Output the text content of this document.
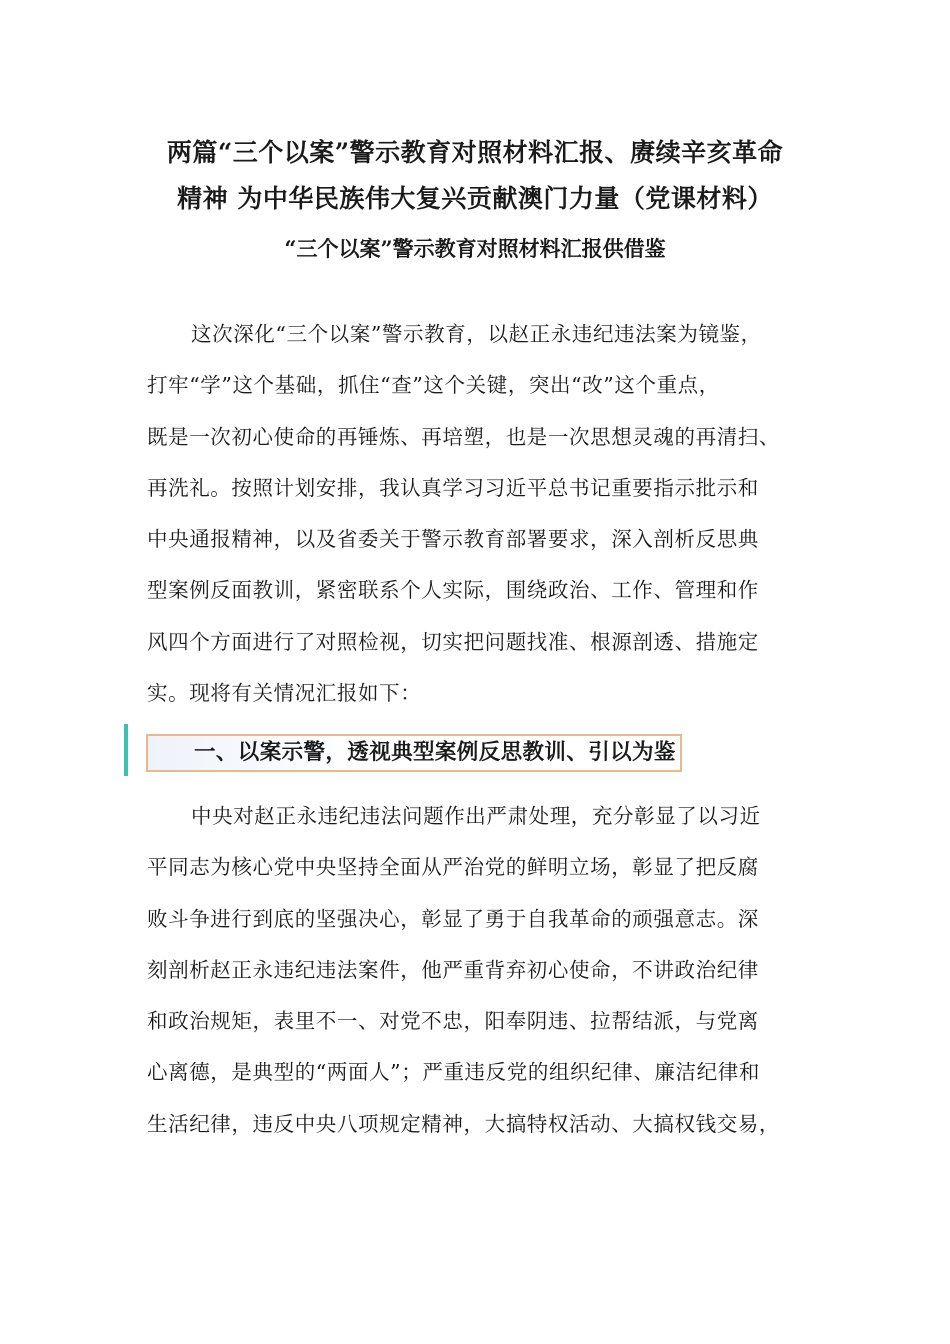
两篇“三个以案”警示教育对照材料汇报、赓续辛亥革命
精神 为中华民族伟大复兴贡献澳门力量（党课材料）
“三个以案”警示教育对照材料汇报供借鉴
这次深化“三个以案”警示教育，以赵正永违纪违法案为镜鉴，
打牢“学”这个基础，抓住“查”这个关键，突出“改”这个重点，
既是一次初心使命的再锤炼、再培塑，也是一次思想灵魂的再清扫、
再洗礼。按照计划安排，我认真学习习近平总书记重要指示批示和
中央通报精神，以及省委关于警示教育部署要求，深入剖析反思典
型案例反面教训，紧密联系个人实际，围绕政治、工作、管理和作
风四个方面进行了对照检视，切实把问题找准、根源剖透、措施定
实。现将有关情况汇报如下：
一、以案示警，透视典型案例反思教训、引以为鉴
中央对赵正永违纪违法问题作出严肃处理，充分彰显了以习近
平同志为核心党中央坚持全面从严治党的鲜明立场，彰显了把反腐
败斗争进行到底的坚强决心，彰显了勇于自我革命的顽强意志。深
刻剖析赵正永违纪违法案件，他严重背弃初心使命，不讲政治纪律
和政治规矩，表里不一、对党不忠，阳奉阴违、拉帮结派，与党离
心离德，是典型的“两面人”；严重违反党的组织纪律、廉洁纪律和
生活纪律，违反中央八项规定精神，大搞特权活动、大搞权钱交易，
